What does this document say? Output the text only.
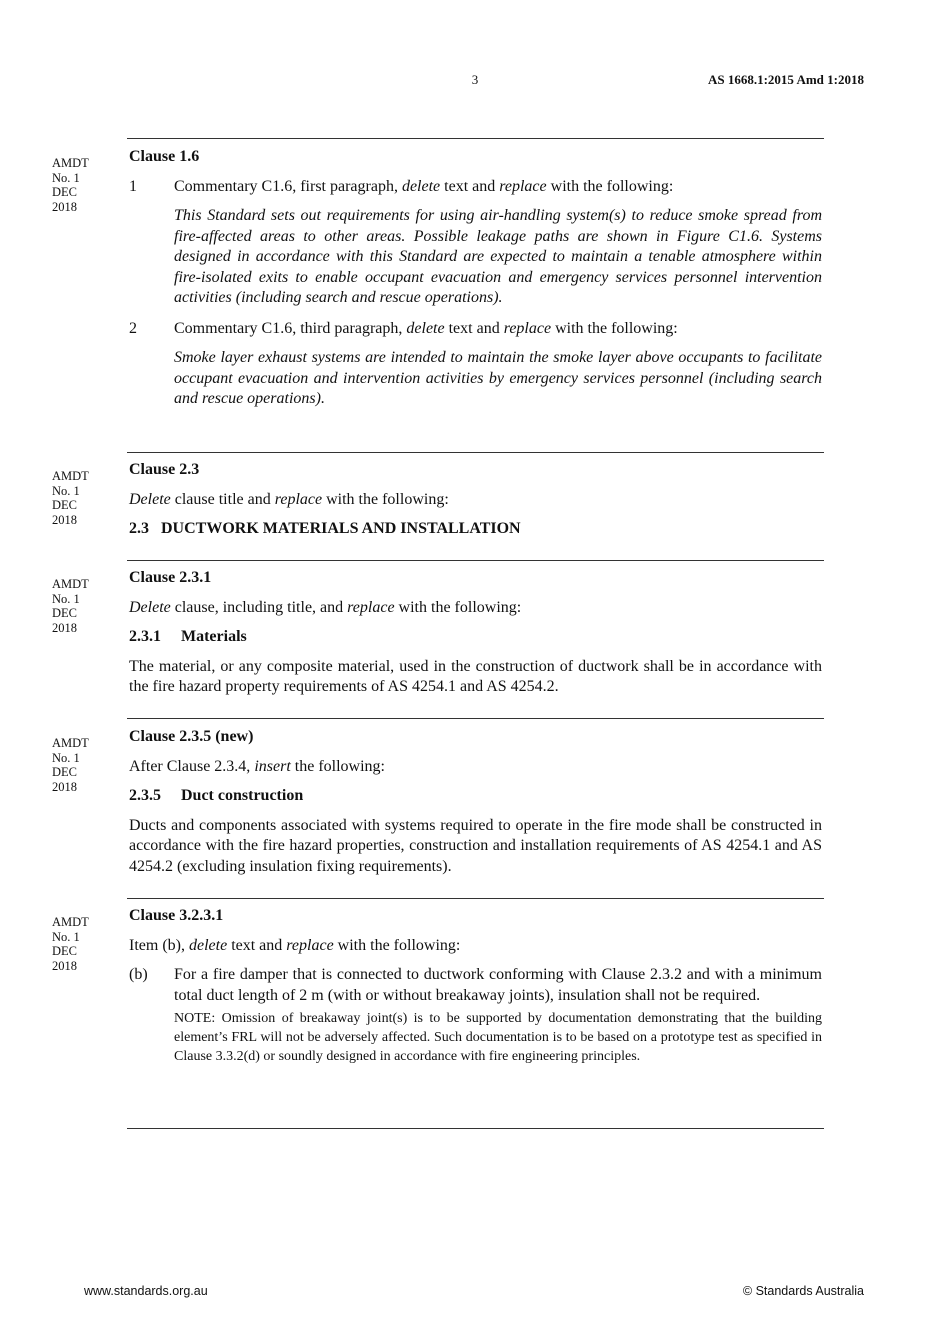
3	AS 1668.1:2015 Amd 1:2018
AMDT
No. 1
DEC
2018

Clause 1.6

1	Commentary C1.6, first paragraph, delete text and replace with the following:

This Standard sets out requirements for using air-handling system(s) to reduce smoke spread from fire-affected areas to other areas. Possible leakage paths are shown in Figure C1.6. Systems designed in accordance with this Standard are expected to maintain a tenable atmosphere within fire-isolated exits to enable occupant evacuation and emergency services personnel intervention activities (including search and rescue operations).

2	Commentary C1.6, third paragraph, delete text and replace with the following:

Smoke layer exhaust systems are intended to maintain the smoke layer above occupants to facilitate occupant evacuation and intervention activities by emergency services personnel (including search and rescue operations).

AMDT
No. 1
DEC
2018

Clause 2.3

Delete clause title and replace with the following:

2.3   DUCTWORK MATERIALS AND INSTALLATION

AMDT
No. 1
DEC
2018

Clause 2.3.1

Delete clause, including title, and replace with the following:

2.3.1 Materials

The material, or any composite material, used in the construction of ductwork shall be in accordance with the fire hazard property requirements of AS 4254.1 and AS 4254.2.

AMDT
No. 1
DEC
2018

Clause 2.3.5 (new)

After Clause 2.3.4, insert the following:

2.3.5 Duct construction

Ducts and components associated with systems required to operate in the fire mode shall be constructed in accordance with the fire hazard properties, construction and installation requirements of AS 4254.1 and AS 4254.2 (excluding insulation fixing requirements).

AMDT
No. 1
DEC
2018

Clause 3.2.3.1

Item (b), delete text and replace with the following:

(b)	For a fire damper that is connected to ductwork conforming with Clause 2.3.2 and with a minimum total duct length of 2 m (with or without breakaway joints), insulation shall not be required.

NOTE: Omission of breakaway joint(s) is to be supported by documentation demonstrating that the building element’s FRL will not be adversely affected. Such documentation is to be based on a prototype test as specified in Clause 3.3.2(d) or soundly designed in accordance with fire engineering principles.

www.standards.org.au	© Standards Australia
